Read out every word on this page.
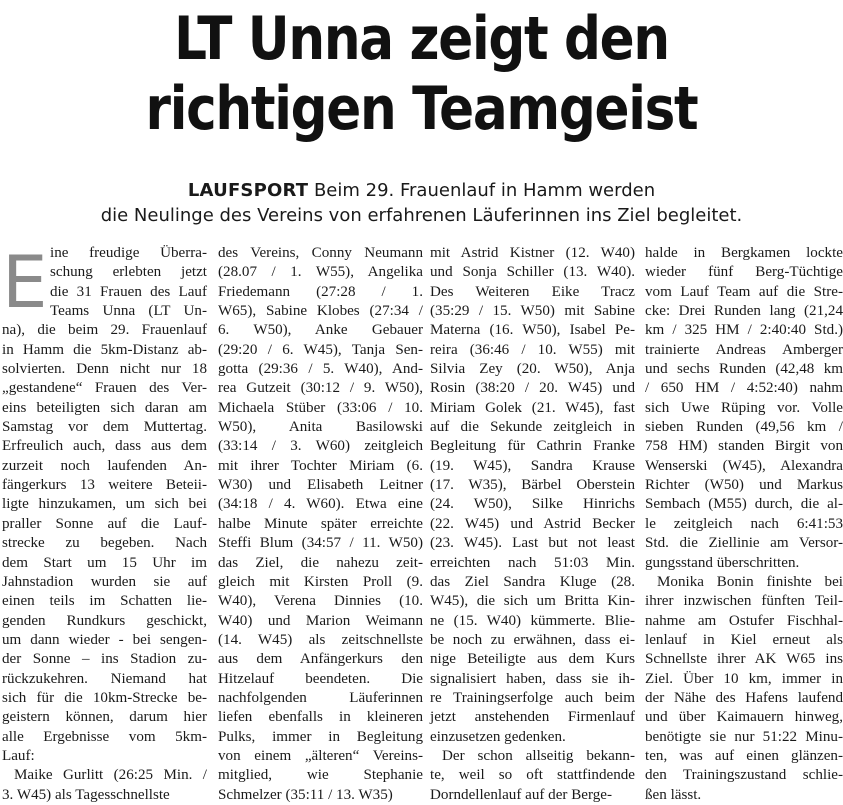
LT Unna zeigt den
richtigen Teamgeist
LAUFSPORT Beim 29. Frauenlauf in Hamm werden
die Neulinge des Vereins von erfahrenen Läuferinnen ins Ziel begleitet.
E ine freudige Überra-
schung erlebten jetzt
die 31 Frauen des Lauf
Teams Unna (LT Un-
na), die beim 29. Frauenlauf
in Hamm die 5km-Distanz ab-
solvierten. Denn nicht nur 18
„gestandene“ Frauen des Ver-
eins beteiligten sich daran am
Samstag vor dem Muttertag.
Erfreulich auch, dass aus dem
zurzeit noch laufenden An-
fängerkurs 13 weitere Beteii-
ligte hinzukamen, um sich bei
praller Sonne auf die Lauf-
strecke zu begeben. Nach
dem Start um 15 Uhr im
Jahnstadion wurden sie auf
einen teils im Schatten lie-
genden Rundkurs geschickt,
um dann wieder - bei sengen-
der Sonne – ins Stadion zu-
rückzukehren. Niemand hat
sich für die 10km-Strecke be-
geistern können, darum hier
alle Ergebnisse vom 5km-
Lauf:
Maike Gurlitt (26:25 Min. /
3. W45) als Tagesschnellste
des Vereins, Conny Neumann
(28.07 / 1. W55), Angelika
Friedemann (27:28 / 1.
W65), Sabine Klobes (27:34 /
6. W50), Anke Gebauer
(29:20 / 6. W45), Tanja Sen-
gotta (29:36 / 5. W40), And-
rea Gutzeit (30:12 / 9. W50),
Michaela Stüber (33:06 / 10.
W50), Anita Basilowski
(33:14 / 3. W60) zeitgleich
mit ihrer Tochter Miriam (6.
W30) und Elisabeth Leitner
(34:18 / 4. W60). Etwa eine
halbe Minute später erreichte
Steffi Blum (34:57 / 11. W50)
das Ziel, die nahezu zeit-
gleich mit Kirsten Proll (9.
W40), Verena Dinnies (10.
W40) und Marion Weimann
(14. W45) als zeitschnellste
aus dem Anfängerkurs den
Hitzelauf beendeten. Die
nachfolgenden Läuferinnen
liefen ebenfalls in kleineren
Pulks, immer in Begleitung
von einem „älteren“ Vereins-
mitglied, wie Stephanie
Schmelzer (35:11 / 13. W35)
mit Astrid Kistner (12. W40)
und Sonja Schiller (13. W40).
Des Weiteren Eike Tracz
(35:29 / 15. W50) mit Sabine
Materna (16. W50), Isabel Pe-
reira (36:46 / 10. W55) mit
Silvia Zey (20. W50), Anja
Rosin (38:20 / 20. W45) und
Miriam Golek (21. W45), fast
auf die Sekunde zeitgleich in
Begleitung für Cathrin Franke
(19. W45), Sandra Krause
(17. W35), Bärbel Oberstein
(24. W50), Silke Hinrichs
(22. W45) und Astrid Becker
(23. W45). Last but not least
erreichten nach 51:03 Min.
das Ziel Sandra Kluge (28.
W45), die sich um Britta Kin-
ne (15. W40) kümmerte. Blie-
be noch zu erwähnen, dass ei-
nige Beteiligte aus dem Kurs
signalisiert haben, dass sie ih-
re Trainingserfolge auch beim
jetzt anstehenden Firmenlauf
einzusetzen gedenken.
Der schon allseitig bekann-
te, weil so oft stattfindende
Dorndellenlauf auf der Berge-
halde in Bergkamen lockte
wieder fünf Berg-Tüchtige
vom Lauf Team auf die Stre-
cke: Drei Runden lang (21,24
km / 325 HM / 2:40:40 Std.)
trainierte Andreas Amberger
und sechs Runden (42,48 km
/ 650 HM / 4:52:40) nahm
sich Uwe Rüping vor. Volle
sieben Runden (49,56 km /
758 HM) standen Birgit von
Wenserski (W45), Alexandra
Richter (W50) und Markus
Sembach (M55) durch, die al-
le zeitgleich nach 6:41:53
Std. die Ziellinie am Versor-
gungsstand überschritten.
Monika Bonin finishte bei
ihrer inzwischen fünften Teil-
nahme am Ostufer Fischhal-
lenlauf in Kiel erneut als
Schnellste ihrer AK W65 ins
Ziel. Über 10 km, immer in
der Nähe des Hafens laufend
und über Kaimauern hinweg,
benötigte sie nur 51:22 Minu-
ten, was auf einen glänzen-
den Trainingszustand schlie-
ßen lässt.
